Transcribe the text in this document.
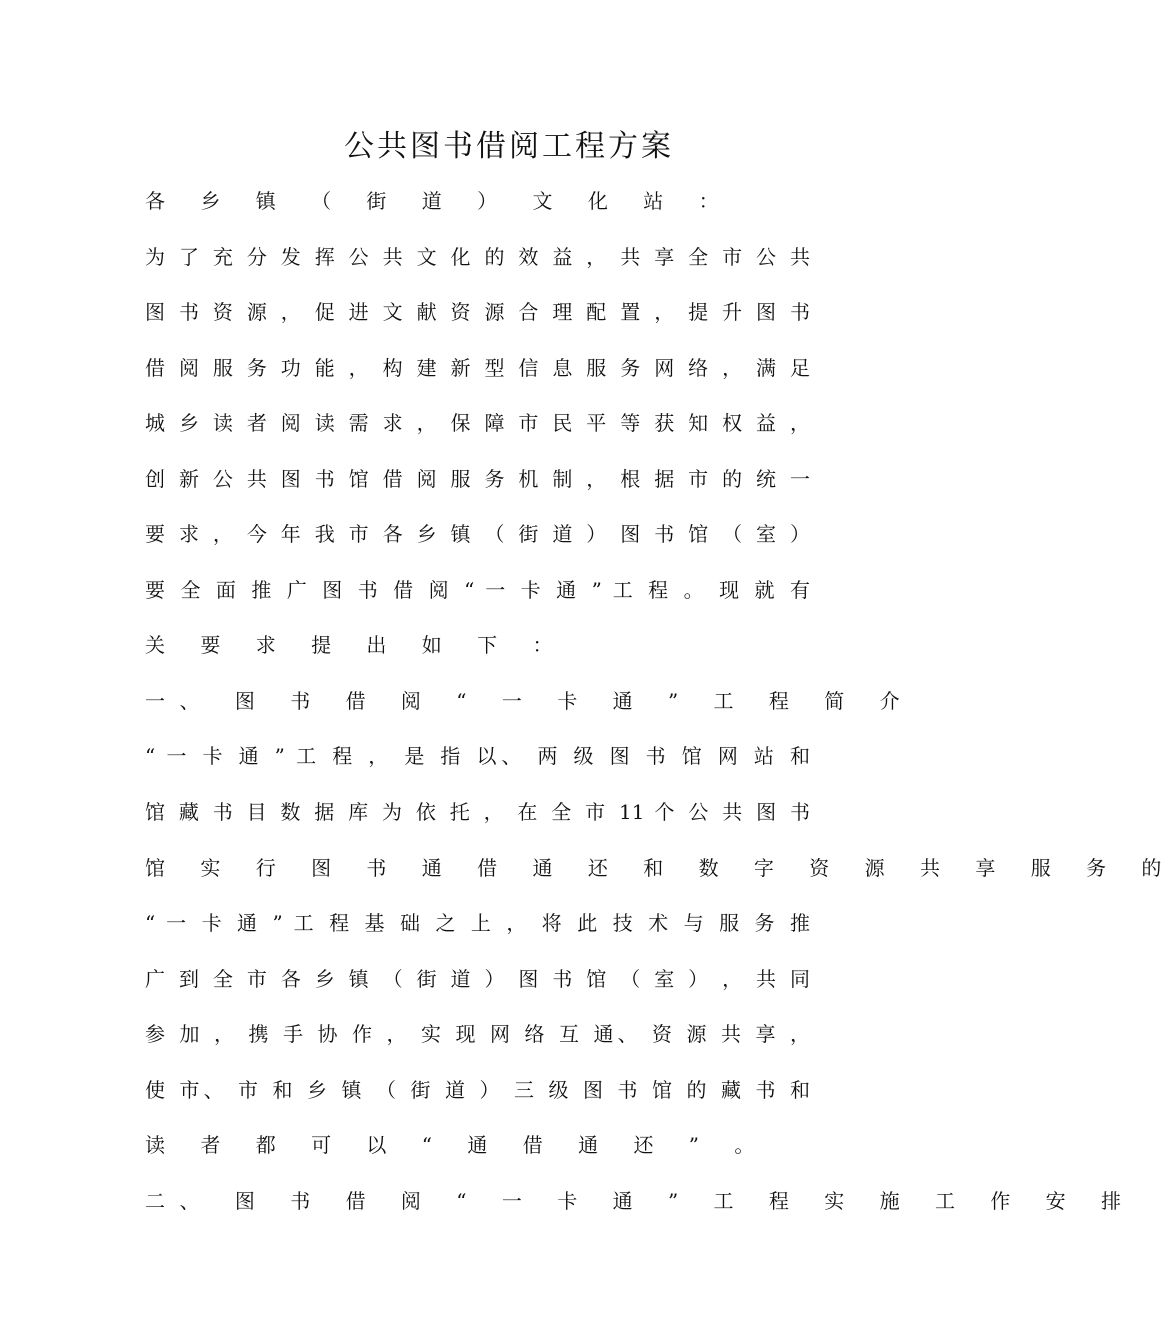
公共图书借阅工程方案
各 乡 镇 （ 街 道 ） 文 化 站 ：
为 了 充 分 发 挥 公 共 文 化 的 效 益 ， 共 享 全 市 公 共
图 书 资 源 ， 促 进 文 献 资 源 合 理 配 置 ， 提 升 图 书
借 阅 服 务 功 能 ， 构 建 新 型 信 息 服 务 网 络 ， 满 足
城 乡 读 者 阅 读 需 求 ， 保 障 市 民 平 等 获 知 权 益 ，
创 新 公 共 图 书 馆 借 阅 服 务 机 制 ， 根 据 市 的 统 一
要 求 ， 今 年 我 市 各 乡 镇 （ 街 道 ） 图 书 馆 （ 室 ）
要 全 面 推 广 图 书 借 阅 “ 一 卡 通 ” 工 程 。 现 就 有
关 要 求 提 出 如 下 ：
一、 图 书 借 阅 “ 一 卡 通 ” 工 程 简 介
“ 一 卡 通 ” 工 程 ， 是 指 以、 两 级 图 书 馆 网 站 和
馆 藏 书 目 数 据 库 为 依 托 ， 在 全 市 11 个 公 共 图 书
馆 实 行 图 书 通 借 通 还 和 数 字 资 源 共 享 服 务 的
“ 一 卡 通 ” 工 程 基 础 之 上 ， 将 此 技 术 与 服 务 推
广 到 全 市 各 乡 镇 （ 街 道 ） 图 书 馆 （ 室 ） ， 共 同
参 加 ， 携 手 协 作 ， 实 现 网 络 互 通、 资 源 共 享 ，
使 市、 市 和 乡 镇 （ 街 道 ） 三 级 图 书 馆 的 藏 书 和
读 者 都 可 以 “ 通 借 通 还 ” 。
二、 图 书 借 阅 “ 一 卡 通 ” 工 程 实 施 工 作 安 排
